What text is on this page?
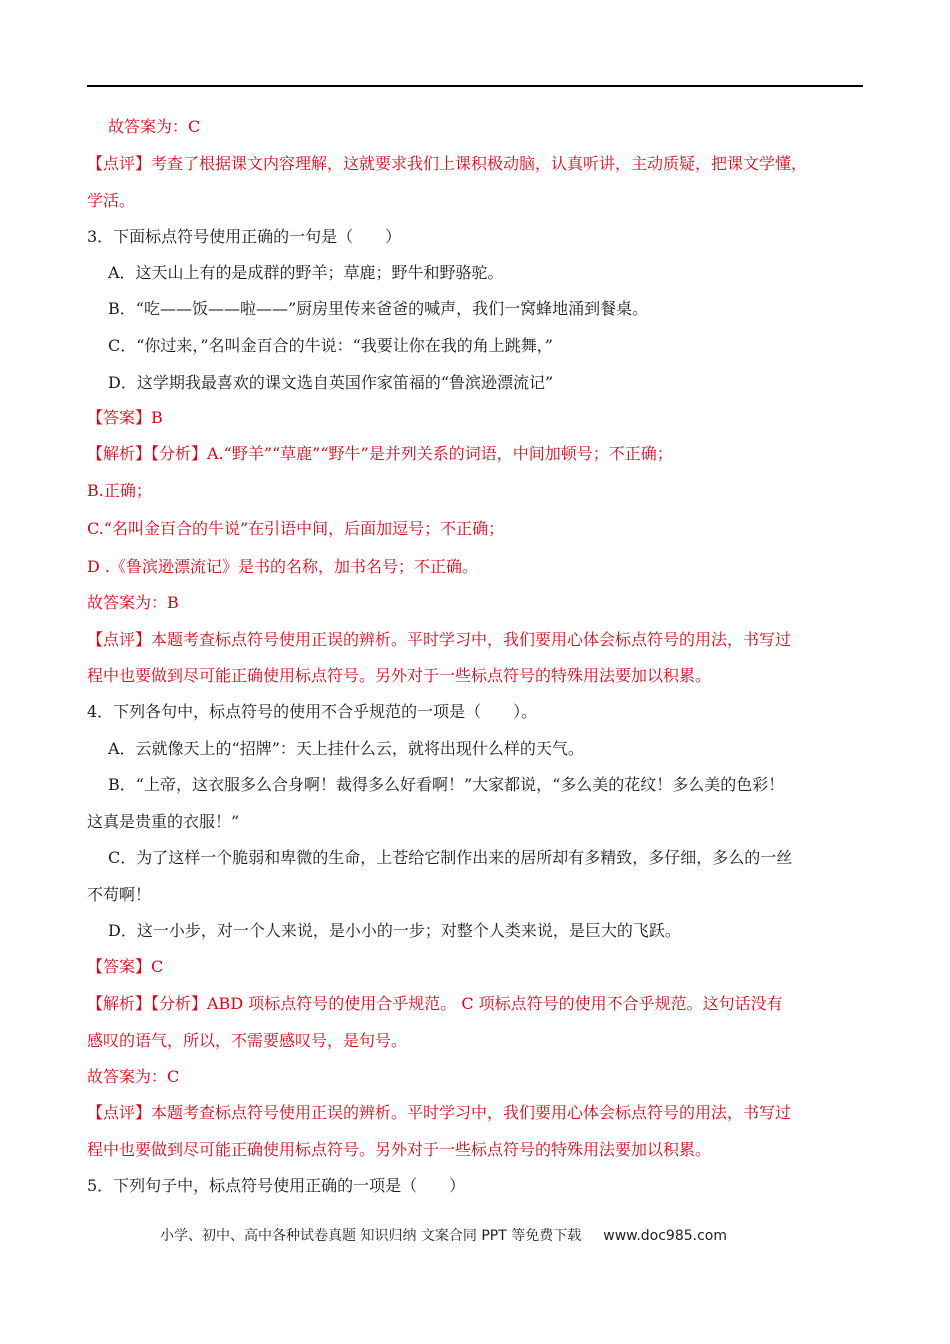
故答案为：C
【点评】考查了根据课文内容理解，这就要求我们上课积极动脑，认真听讲，主动质疑，把课文学懂，
学活。
3．下面标点符号使用正确的一句是（　　）
A．这天山上有的是成群的野羊；草鹿；野牛和野骆驼。
B．“吃——饭——啦——”厨房里传来爸爸的喊声，我们一窝蜂地涌到餐桌。
C．“你过来，”名叫金百合的牛说：“我要让你在我的角上跳舞，”
D．这学期我最喜欢的课文选自英国作家笛福的“鲁滨逊漂流记”
【答案】B
【解析】【分析】A.“野羊”“草鹿”“野牛”是并列关系的词语，中间加顿号；不正确；
B.正确；
C.“名叫金百合的牛说”在引语中间，后面加逗号；不正确；
D .《鲁滨逊漂流记》是书的名称，加书名号；不正确。
故答案为：B
【点评】本题考查标点符号使用正误的辨析。平时学习中，我们要用心体会标点符号的用法，书写过
程中也要做到尽可能正确使用标点符号。另外对于一些标点符号的特殊用法要加以积累。
4．下列各句中，标点符号的使用不合乎规范的一项是（　　）。
A．云就像天上的“招牌”：天上挂什么云，就将出现什么样的天气。
B．“上帝，这衣服多么合身啊！裁得多么好看啊！”大家都说，“多么美的花纹！多么美的色彩！
这真是贵重的衣服！”
C．为了这样一个脆弱和卑微的生命，上苍给它制作出来的居所却有多精致，多仔细，多么的一丝
不苟啊！
D．这一小步，对一个人来说，是小小的一步；对整个人类来说，是巨大的飞跃。
【答案】C
【解析】【分析】ABD 项标点符号的使用合乎规范。 C 项标点符号的使用不合乎规范。这句话没有
感叹的语气，所以，不需要感叹号，是句号。
故答案为：C
【点评】本题考查标点符号使用正误的辨析。平时学习中，我们要用心体会标点符号的用法，书写过
程中也要做到尽可能正确使用标点符号。另外对于一些标点符号的特殊用法要加以积累。
5．下列句子中，标点符号使用正确的一项是（　　）
小学、初中、高中各种试卷真题 知识归纳 文案合同 PPT 等免费下载 www.doc985.com
